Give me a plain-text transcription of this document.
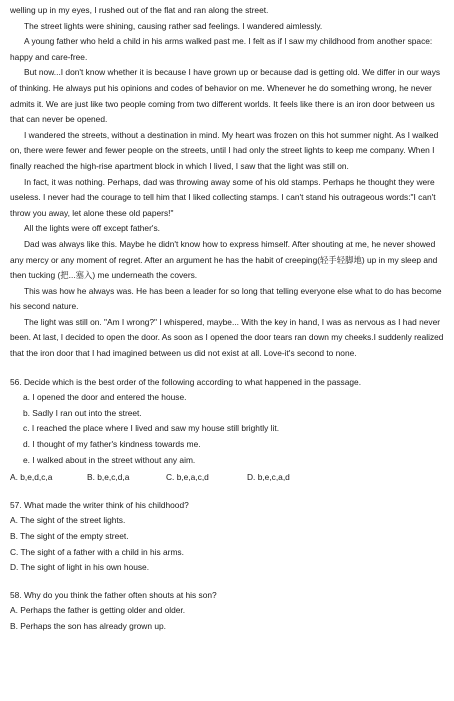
welling up in my eyes, I rushed out of the flat and ran along the street.

The street lights were shining, causing rather sad feelings. I wandered aimlessly.

A young father who held a child in his arms walked past me. I felt as if I saw my childhood from another space: happy and care-free.

But now...I don't know whether it is because I have grown up or because dad is getting old. We differ in our ways of thinking. He always put his opinions and codes of behavior on me. Whenever he do something wrong, he never admits it. We are just like two people coming from two different worlds. It feels like there is an iron door between us that can never be opened.

I wandered the streets, without a destination in mind. My heart was frozen on this hot summer night. As I walked on, there were fewer and fewer people on the streets, until I had only the street lights to keep me company. When I finally reached the high-rise apartment block in which I lived, I saw that the light was still on.

In fact, it was nothing. Perhaps, dad was throwing away some of his old stamps. Perhaps he thought they were useless. I never had the courage to tell him that I liked collecting stamps. I can't stand his outrageous words:"I can't throw you away, let alone these old papers!"

All the lights were off except father's.

Dad was always like this. Maybe he didn't know how to express himself. After shouting at me, he never showed any mercy or any moment of regret. After an argument he has the habit of creeping(轻手轻脚地) up in my sleep and then tucking (把...塞入) me underneath the covers.

This was how he always was. He has been a leader for so long that telling everyone else what to do has become his second nature.

The light was still on. "Am I wrong?" I whispered, maybe... With the key in hand, I was as nervous as I had never been. At last, I decided to open the door. As soon as I opened the door tears ran down my cheeks.I suddenly realized that the iron door that I had imagined between us did not exist at all. Love-it's second to none.

56. Decide which is the best order of the following according to what happened in the passage.

a. I opened the door and entered the house.

b. Sadly I ran out into the street.

c. I reached the place where I lived and saw my house still brightly lit.

d. I thought of my father's kindness towards me.

e. I walked about in the street without any aim.

A. b,e,d,c,a	B. b,e,c,d,a	C. b,e,a,c,d	D. b,e,c,a,d

57. What made the writer think of his childhood?

A. The sight of the street lights.

B. The sight of the empty street.

C. The sight of a father with a child in his arms.

D. The sight of light in his own house.

58. Why do you think the father often shouts at his son?

A. Perhaps the father is getting older and older.

B. Perhaps the son has already grown up.
